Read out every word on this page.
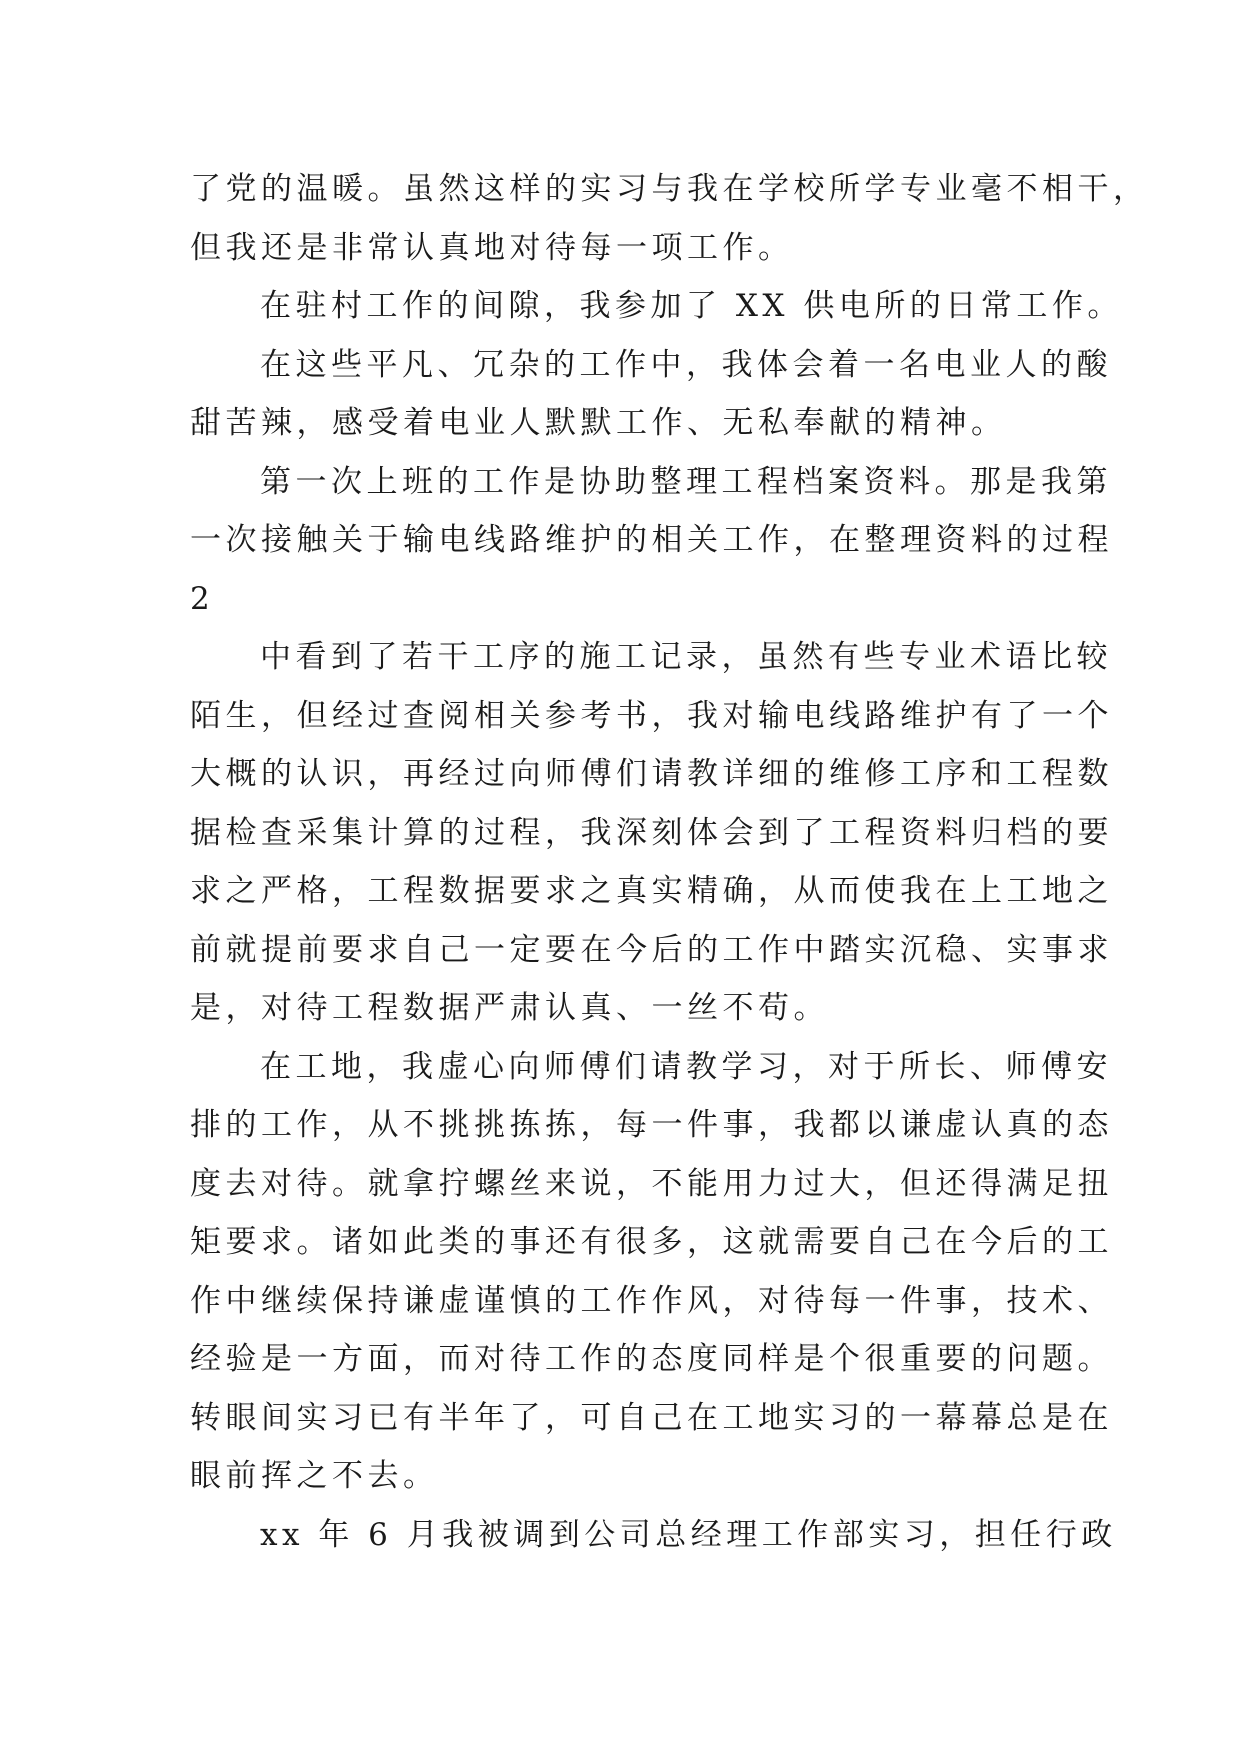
了党的温暖。虽然这样的实习与我在学校所学专业毫不相干，
但我还是非常认真地对待每一项工作。
在驻村工作的间隙，我参加了 XX 供电所的日常工作。
在这些平凡、冗杂的工作中，我体会着一名电业人的酸
甜苦辣，感受着电业人默默工作、无私奉献的精神。
第一次上班的工作是协助整理工程档案资料。那是我第
一次接触关于输电线路维护的相关工作，在整理资料的过程
2
中看到了若干工序的施工记录，虽然有些专业术语比较
陌生，但经过查阅相关参考书，我对输电线路维护有了一个
大概的认识，再经过向师傅们请教详细的维修工序和工程数
据检查采集计算的过程，我深刻体会到了工程资料归档的要
求之严格，工程数据要求之真实精确，从而使我在上工地之
前就提前要求自己一定要在今后的工作中踏实沉稳、实事求
是，对待工程数据严肃认真、一丝不苟。
在工地，我虚心向师傅们请教学习，对于所长、师傅安
排的工作，从不挑挑拣拣，每一件事，我都以谦虚认真的态
度去对待。就拿拧螺丝来说，不能用力过大，但还得满足扭
矩要求。诸如此类的事还有很多，这就需要自己在今后的工
作中继续保持谦虚谨慎的工作作风，对待每一件事，技术、
经验是一方面，而对待工作的态度同样是个很重要的问题。
转眼间实习已有半年了，可自己在工地实习的一幕幕总是在
眼前挥之不去。
xx 年 6 月我被调到公司总经理工作部实习，担任行政
